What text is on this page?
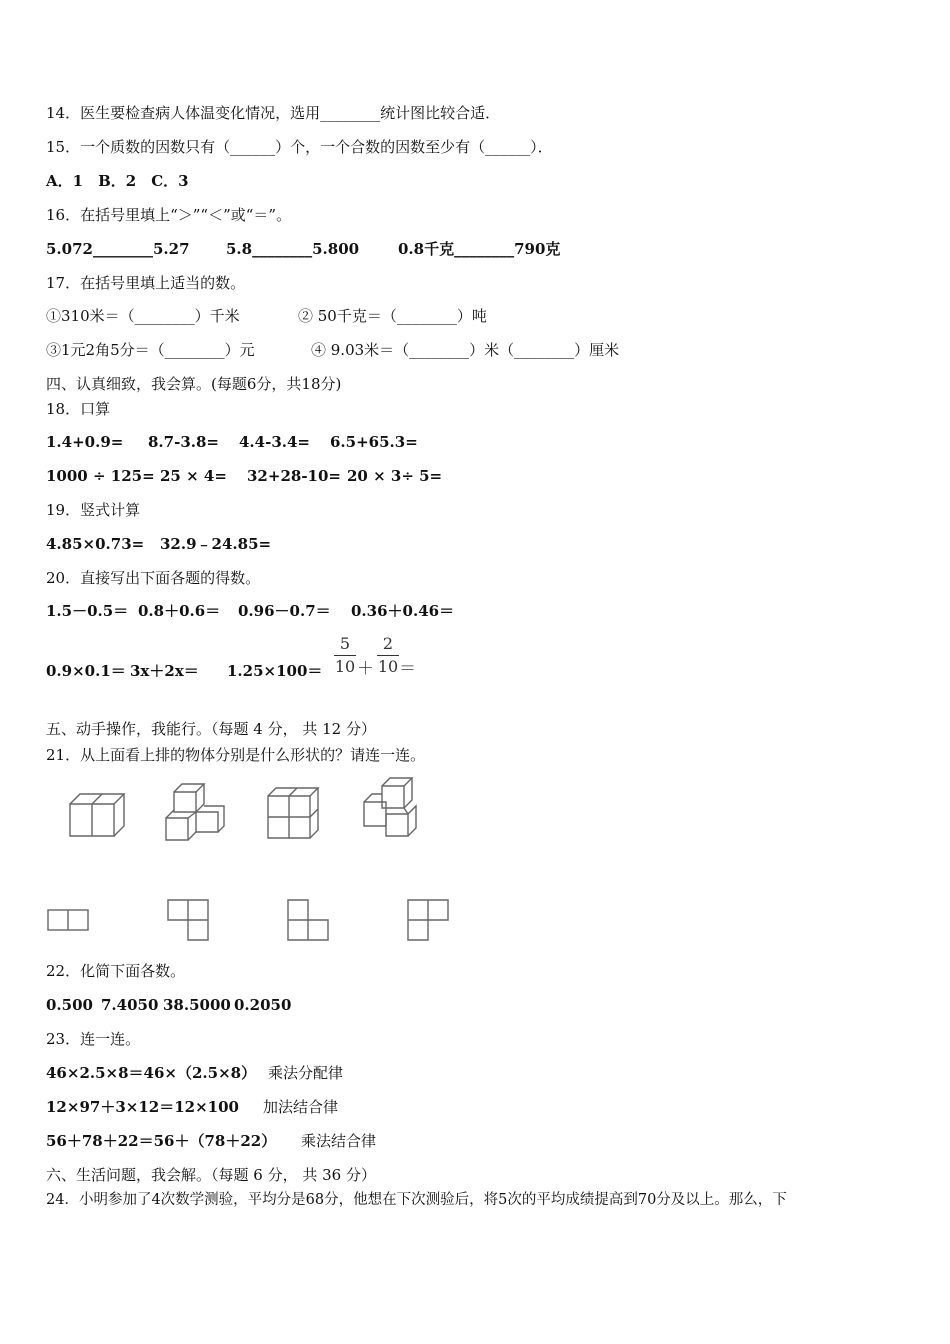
14．医生要检查病人体温变化情况，选用________统计图比较合适．
15．一个质数的因数只有（______）个，一个合数的因数至少有（______）．
A．1　B．2　C．3
16．在括号里填上“＞”“＜”或“＝”。
5.072________5.27 5.8________5.800	0.8千克________790克
17．在括号里填上适当的数。
①310米＝（________）千米	② 50千克＝（________）吨
③1元2角5分＝（________）元	④ 9.03米＝（________）米（________）厘米
四、认真细致，我会算。(每题6分，共18分)
18．口算
1.4+0.9= 8.7-3.8= 4.4-3.4= 6.5+65.3=
1000 ÷ 125= 25 × 4= 32+28-10= 20 × 3÷ 5=
19．竖式计算
4.85×0.73= 32.9﹣24.85=
20．直接写出下面各题的得数。
1.5－0.5＝ 0.8＋0.6＝ 0.96－0.7＝ 0.36＋0.46＝
0.9×0.1＝ 3x＋2x＝ 1.25×100＝
5
10 ＋
2
10 ＝
五、动手操作，我能行。（每题 4 分， 共 12 分）
21．从上面看上排的物体分别是什么形状的？请连一连。
22．化简下面各数。
0.500 7.4050 38.5000 0.2050
23．连一连。
46×2.5×8＝46×（2.5×8） 乘法分配律
12×97＋3×12＝12×100 加法结合律
56＋78＋22＝56＋（78＋22） 乘法结合律
六、生活问题，我会解。（每题 6 分， 共 36 分）
24．小明参加了4次数学测验，平均分是68分，他想在下次测验后，将5次的平均成绩提高到70分及以上。那么，下
